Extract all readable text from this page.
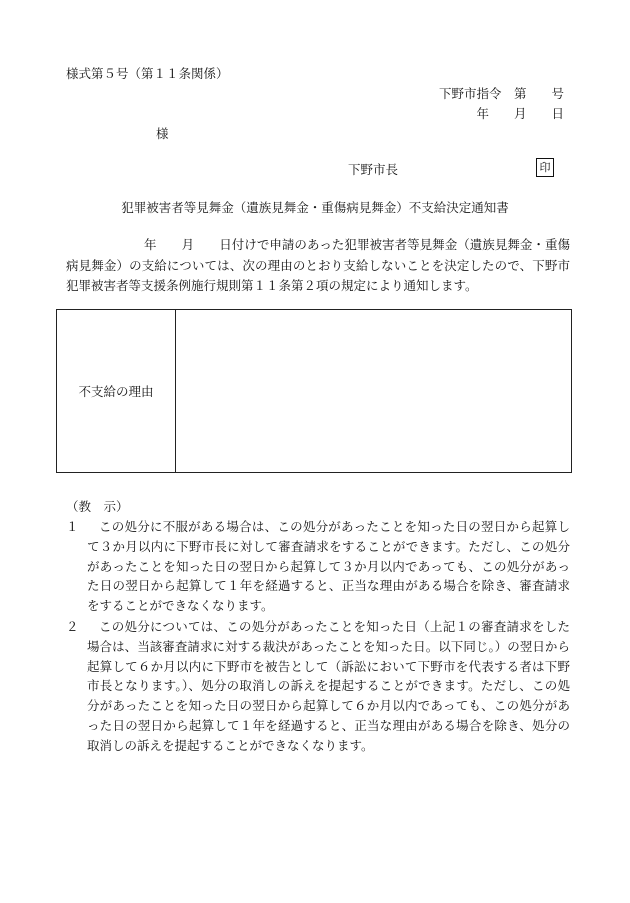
様式第５号（第１１条関係）
下野市指令　第　　号
年　　月　　日
様
下野市長	印
犯罪被害者等見舞金（遺族見舞金・重傷病見舞金）不支給決定通知書
年　　月　　日付けで申請のあった犯罪被害者等見舞金（遺族見舞金・重傷病見舞金）の支給については、次の理由のとおり支給しないことを決定したので、下野市犯罪被害者等支援条例施行規則第１１条第２項の規定により通知します。
不支給の理由
（教　示）
１	この処分に不服がある場合は、この処分があったことを知った日の翌日から起算して３か月以内に下野市長に対して審査請求をすることができます。ただし、この処分があったことを知った日の翌日から起算して３か月以内であっても、この処分があった日の翌日から起算して１年を経過すると、正当な理由がある場合を除き、審査請求をすることができなくなります。
２	この処分については、この処分があったことを知った日（上記１の審査請求をした場合は、当該審査請求に対する裁決があったことを知った日。以下同じ。）の翌日から起算して６か月以内に下野市を被告として（訴訟において下野市を代表する者は下野市長となります。）、処分の取消しの訴えを提起することができます。ただし、この処分があったことを知った日の翌日から起算して６か月以内であっても、この処分があった日の翌日から起算して１年を経過すると、正当な理由がある場合を除き、処分の取消しの訴えを提起することができなくなります。
